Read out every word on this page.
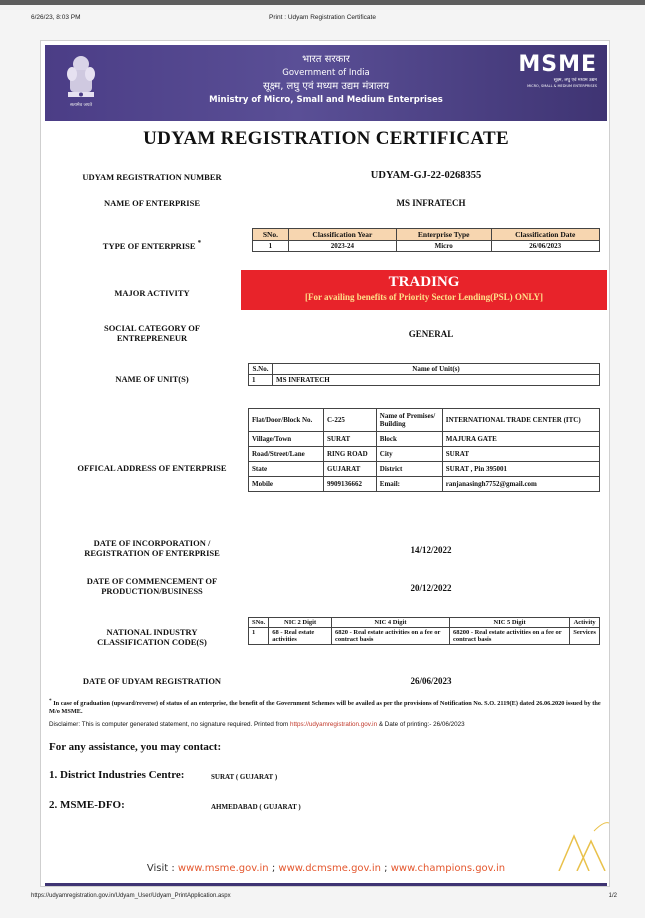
6/26/23, 8:03 PM	Print : Udyam Registration Certificate
सत्यमेव जयते
भारत सरकार
Government of India
सूक्ष्म, लघु एवं मध्यम उद्यम मंत्रालय
Ministry of Micro, Small and Medium Enterprises
MSME
सूक्ष्म, लघु एवं मध्यम उद्यम
MICRO, SMALL & MEDIUM ENTERPRISES
UDYAM REGISTRATION CERTIFICATE
UDYAM REGISTRATION NUMBER	UDYAM-GJ-22-0268355
NAME OF ENTERPRISE	MS INFRATECH
TYPE OF ENTERPRISE *
SNo.	Classification Year	Enterprise Type	Classification Date
1	2023-24	Micro	26/06/2023
MAJOR ACTIVITY
TRADING
[For availing benefits of Priority Sector Lending(PSL) ONLY]
SOCIAL CATEGORY OF
ENTREPRENEUR	GENERAL
NAME OF UNIT(S)
S.No.	Name of Unit(s)
1	MS INFRATECH
OFFICAL ADDRESS OF ENTERPRISE
Flat/Door/Block No.	C-225	Name of Premises/ Building	INTERNATIONAL TRADE CENTER (ITC)
Village/Town	SURAT	Block	MAJURA GATE
Road/Street/Lane	RING ROAD	City	SURAT
State	GUJARAT	District	SURAT , Pin 395001
Mobile	9909136662	Email:	ranjanasingh7752@gmail.com
DATE OF INCORPORATION /
REGISTRATION OF ENTERPRISE	14/12/2022
DATE OF COMMENCEMENT OF
PRODUCTION/BUSINESS	20/12/2022
NATIONAL INDUSTRY
CLASSIFICATION CODE(S)
SNo.	NIC 2 Digit	NIC 4 Digit	NIC 5 Digit	Activity
1	68 - Real estate activities	6820 - Real estate activities on a fee or contract basis	68200 - Real estate activities on a fee or contract basis	Services
DATE OF UDYAM REGISTRATION	26/06/2023
* In case of graduation (upward/reverse) of status of an enterprise, the benefit of the Government Schemes will be availed as per the provisions of Notification No. S.O. 2119(E) dated 26.06.2020 issued by the M/o MSME.
Disclaimer: This is computer generated statement, no signature required. Printed from https://udyamregistration.gov.in & Date of printing:- 26/06/2023
For any assistance, you may contact:
1. District Industries Centre:	SURAT ( GUJARAT )
2. MSME-DFO:	AHMEDABAD ( GUJARAT )
Visit : www.msme.gov.in ; www.dcmsme.gov.in ; www.champions.gov.in
https://udyamregistration.gov.in/Udyam_User/Udyam_PrintApplication.aspx	1/2
